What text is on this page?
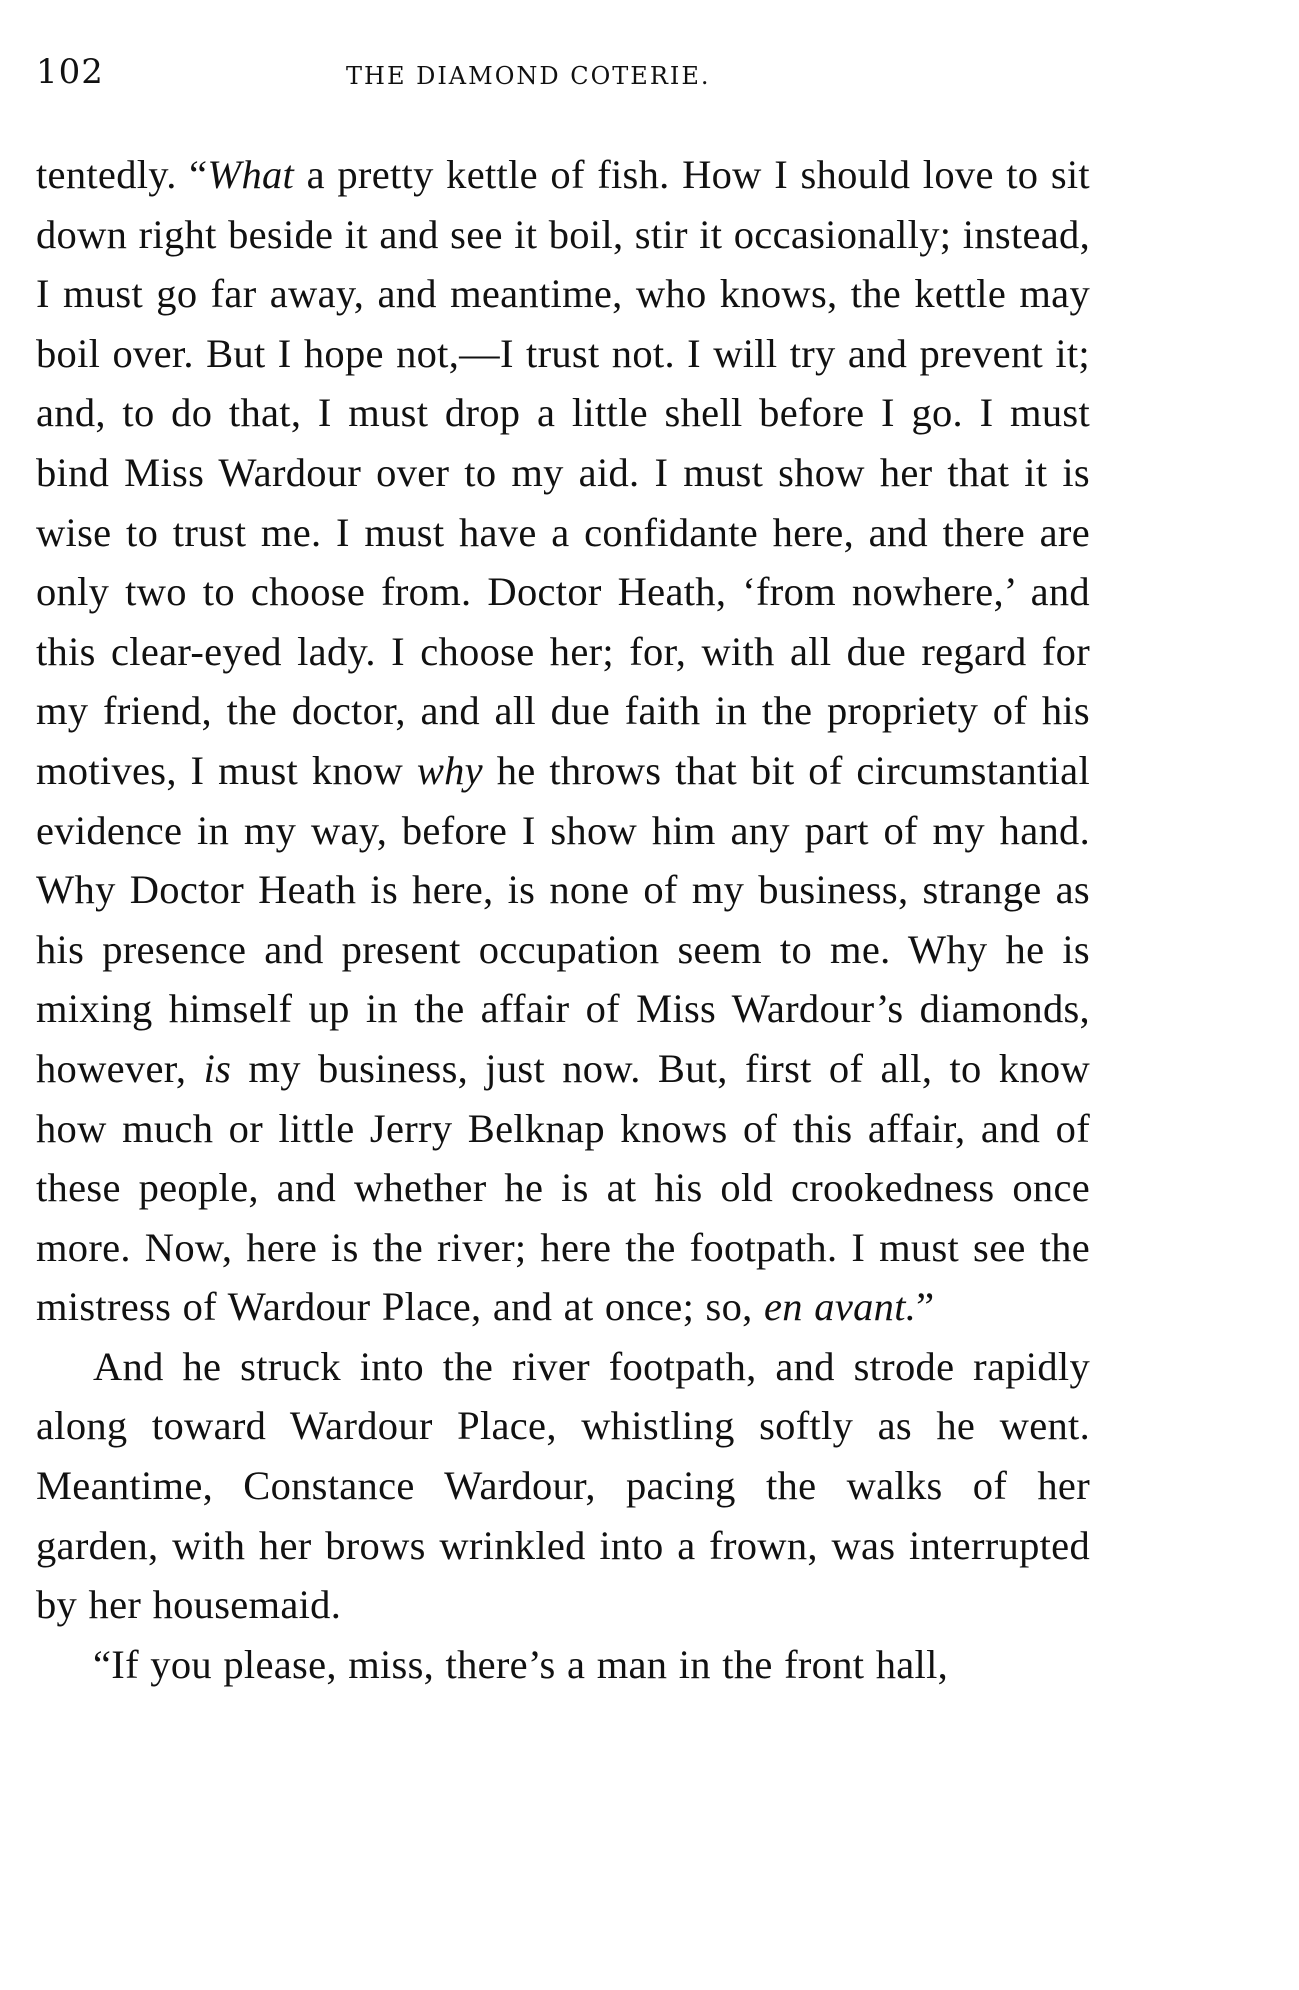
102	THE DIAMOND COTERIE.

tentedly. “What a pretty kettle of fish. How I should love to sit down right beside it and see it boil, stir it occasionally; instead, I must go far away, and meantime, who knows, the kettle may boil over. But I hope not,—I trust not. I will try and prevent it; and, to do that, I must drop a little shell before I go. I must bind Miss Wardour over to my aid. I must show her that it is wise to trust me. I must have a confidante here, and there are only two to choose from. Doctor Heath, ‘from nowhere,’ and this clear-eyed lady. I choose her; for, with all due regard for my friend, the doctor, and all due faith in the propriety of his motives, I must know why he throws that bit of circumstantial evidence in my way, before I show him any part of my hand. Why Doctor Heath is here, is none of my business, strange as his presence and present occupation seem to me. Why he is mixing himself up in the affair of Miss Wardour’s diamonds, however, is my business, just now. But, first of all, to know how much or little Jerry Belknap knows of this affair, and of these people, and whether he is at his old crookedness once more. Now, here is the river; here the footpath. I must see the mistress of Wardour Place, and at once; so, en avant.”

And he struck into the river footpath, and strode rapidly along toward Wardour Place, whistling softly as he went. Meantime, Constance Wardour, pacing the walks of her garden, with her brows wrinkled into a frown, was interrupted by her housemaid.

“If you please, miss, there’s a man in the front hall,
